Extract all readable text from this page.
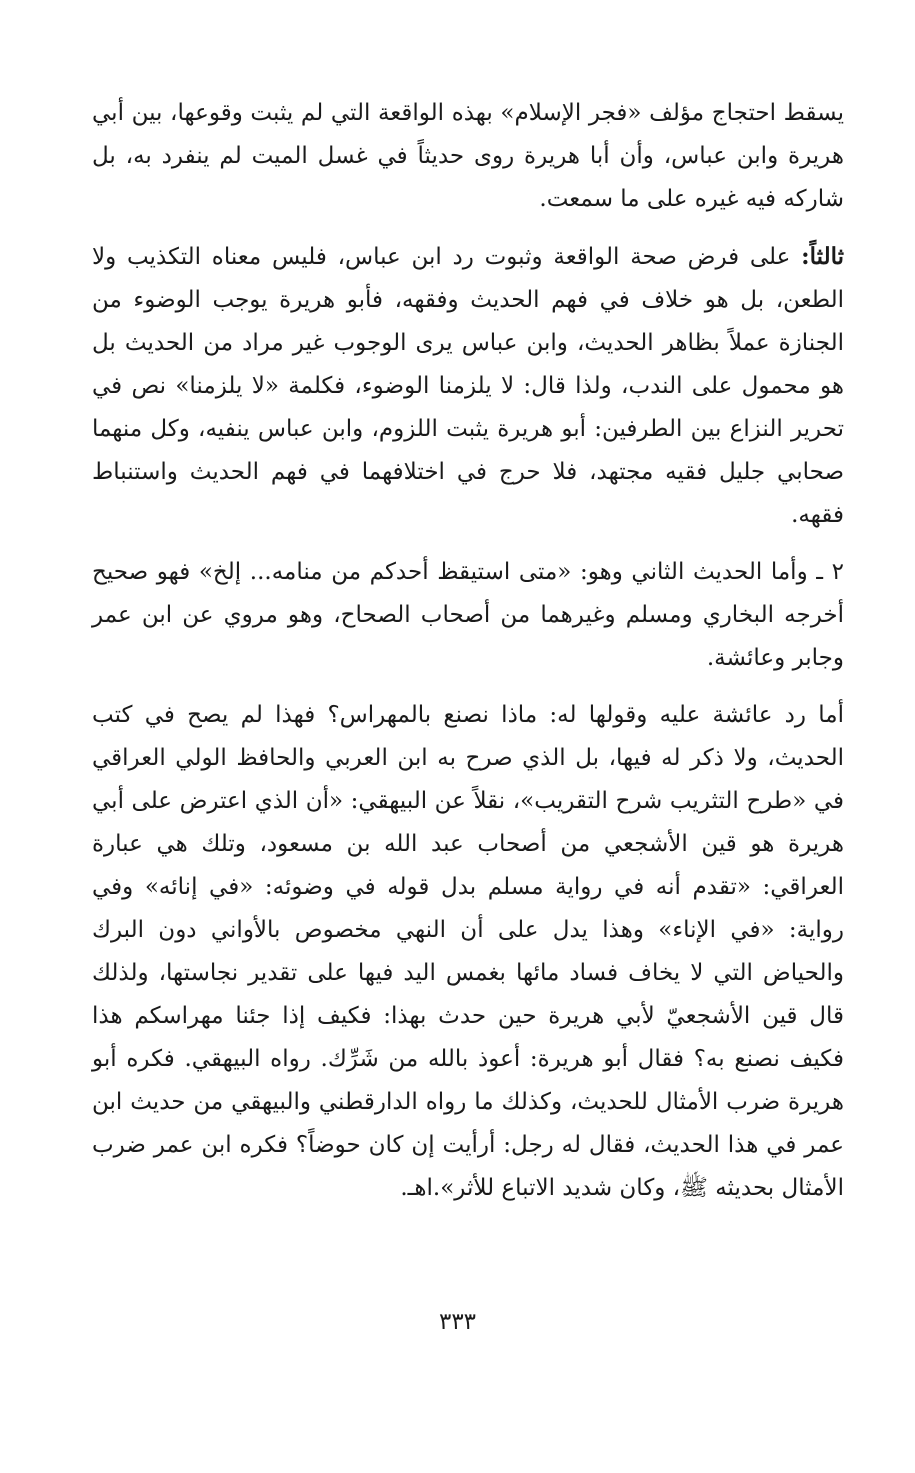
يسقط احتجاج مؤلف «فجر الإسلام» بهذه الواقعة التي لم يثبت وقوعها، بين أبي هريرة وابن عباس، وأن أبا هريرة روى حديثاً في غسل الميت لم ينفرد به، بل شاركه فيه غيره على ما سمعت.

ثالثاً: على فرض صحة الواقعة وثبوت رد ابن عباس، فليس معناه التكذيب ولا الطعن، بل هو خلاف في فهم الحديث وفقهه، فأبو هريرة يوجب الوضوء من الجنازة عملاً بظاهر الحديث، وابن عباس يرى الوجوب غير مراد من الحديث بل هو محمول على الندب، ولذا قال: لا يلزمنا الوضوء، فكلمة «لا يلزمنا» نص في تحرير النزاع بين الطرفين: أبو هريرة يثبت اللزوم، وابن عباس ينفيه، وكل منهما صحابي جليل فقيه مجتهد، فلا حرج في اختلافهما في فهم الحديث واستنباط فقهه.

٢ ـ وأما الحديث الثاني وهو: «متى استيقظ أحدكم من منامه... إلخ» فهو صحيح أخرجه البخاري ومسلم وغيرهما من أصحاب الصحاح، وهو مروي عن ابن عمر وجابر وعائشة.

أما رد عائشة عليه وقولها له: ماذا نصنع بالمهراس؟ فهذا لم يصح في كتب الحديث، ولا ذكر له فيها، بل الذي صرح به ابن العربي والحافظ الولي العراقي في «طرح التثريب شرح التقريب»، نقلاً عن البيهقي: «أن الذي اعترض على أبي هريرة هو قين الأشجعي من أصحاب عبد الله بن مسعود، وتلك هي عبارة العراقي: «تقدم أنه في رواية مسلم بدل قوله في وضوئه: «في إنائه» وفي رواية: «في الإناء» وهذا يدل على أن النهي مخصوص بالأواني دون البرك والحياض التي لا يخاف فساد مائها بغمس اليد فيها على تقدير نجاستها، ولذلك قال قين الأشجعيّ لأبي هريرة حين حدث بهذا: فكيف إذا جئنا مهراسكم هذا فكيف نصنع به؟ فقال أبو هريرة: أعوذ بالله من شَرِّك. رواه البيهقي. فكره أبو هريرة ضرب الأمثال للحديث، وكذلك ما رواه الدارقطني والبيهقي من حديث ابن عمر في هذا الحديث، فقال له رجل: أرأيت إن كان حوضاً؟ فكره ابن عمر ضرب الأمثال بحديثه ﷺ، وكان شديد الاتباع للأثر».اهـ.

٣٣٣
